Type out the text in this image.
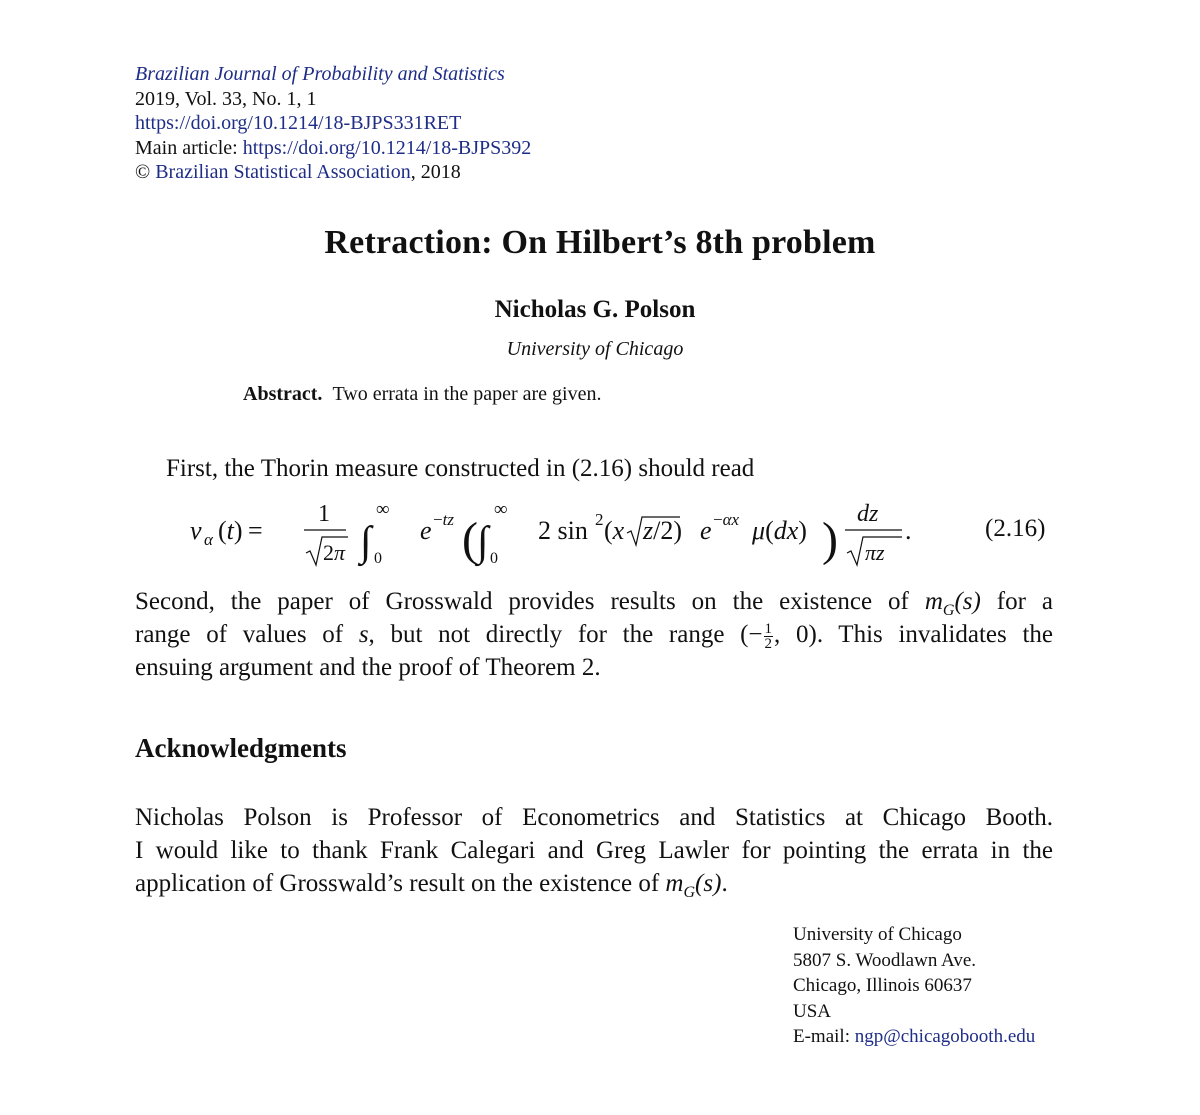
Brazilian Journal of Probability and Statistics
2019, Vol. 33, No. 1, 1
https://doi.org/10.1214/18-BJPS331RET
Main article: https://doi.org/10.1214/18-BJPS392
© Brazilian Statistical Association, 2018
Retraction: On Hilbert’s 8th problem
Nicholas G. Polson
University of Chicago
Abstract. Two errata in the paper are given.
First, the Thorin measure constructed in (2.16) should read
ν α (t) =
1
2π ∫
∞
0
e −tz ( ∫
∞
0
2 sin 2 (x z/2) e −αx μ(dx) ) dz
πz
.	(2.16)
Second, the paper of Grosswald provides results on the existence of $m_G(s)$ for a
range of values of s, but not directly for the range (− $\frac{1}{2}$ , 0). This invalidates the
ensuing argument and the proof of Theorem 2.
Acknowledgments
Nicholas Polson is Professor of Econometrics and Statistics at Chicago Booth.
I would like to thank Frank Calegari and Greg Lawler for pointing the errata in the
application of Grosswald’s result on the existence of $m_G(s)$.
University of Chicago
5807 S. Woodlawn Ave.
Chicago, Illinois 60637
USA
E-mail: ngp@chicagobooth.edu
